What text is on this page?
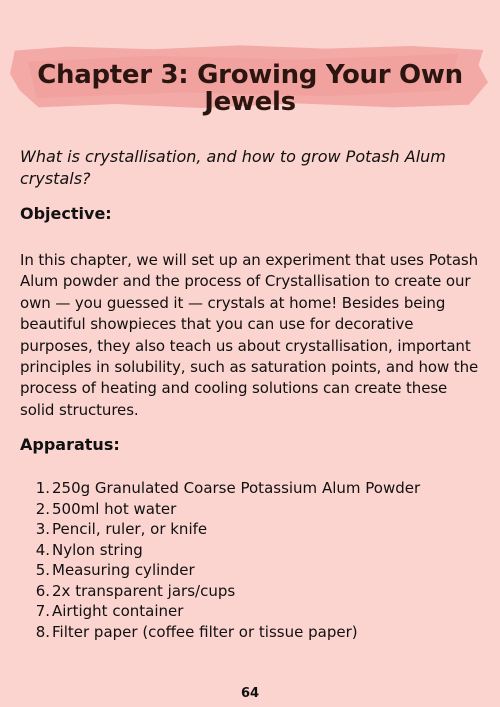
Chapter 3: Growing Your Own Jewels

What is crystallisation, and how to grow Potash Alum crystals?

Objective:

In this chapter, we will set up an experiment that uses Potash Alum powder and the process of Crystallisation to create our own — you guessed it — crystals at home! Besides being beautiful showpieces that you can use for decorative purposes, they also teach us about crystallisation, important principles in solubility, such as saturation points, and how the process of heating and cooling solutions can create these solid structures.

Apparatus:
1. 250g Granulated Coarse Potassium Alum Powder
2. 500ml hot water
3. Pencil, ruler, or knife
4. Nylon string
5. Measuring cylinder
6. 2x transparent jars/cups
7. Airtight container
8. Filter paper (coffee filter or tissue paper)
64
